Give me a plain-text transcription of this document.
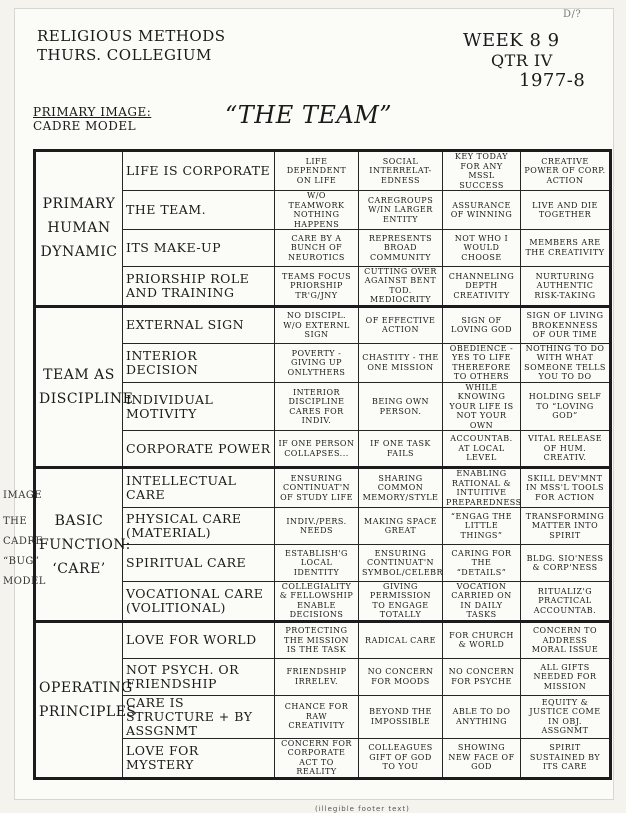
D/?
RELIGIOUS METHODS
THURS. COLLEGIUM
WEEK 8 9
QTR IV
1977-8
PRIMARY IMAGE:
CADRE MODEL	“THE TEAM”
IMAGE
THE
CADRE
“BUG”
MODEL
PRIMARY HUMAN DYNAMIC	LIFE IS CORPORATE	LIFE DEPENDENT ON LIFE	SOCIAL INTERRELAT-EDNESS	KEY TODAY FOR ANY MSSL SUCCESS	CREATIVE POWER OF CORP. ACTION
	THE TEAM.	W/O TEAMWORK NOTHING HAPPENS	CAREGROUPS W/IN LARGER ENTITY	ASSURANCE OF WINNING	LIVE AND DIE TOGETHER
	ITS MAKE-UP	CARE BY A BUNCH OF NEUROTICS	REPRESENTS BROAD COMMUNITY	NOT WHO I WOULD CHOOSE	MEMBERS ARE THE CREATIVITY
	PRIORSHIP ROLE AND TRAINING	TEAMS FOCUS PRIORSHIP TR'G/JNY	CUTTING OVER AGAINST BENT TOD. MEDIOCRITY	CHANNELING DEPTH CREATIVITY	NURTURING AUTHENTIC RISK-TAKING
TEAM AS DISCIPLINE	EXTERNAL SIGN	NO DISCIPL. W/O EXTERNL SIGN	OF EFFECTIVE ACTION	SIGN OF LOVING GOD	SIGN OF LIVING BROKENNESS OF OUR TIME
	INTERIOR DECISION	POVERTY - GIVING UP ONLYTHERS	CHASTITY - THE ONE MISSION	OBEDIENCE - YES TO LIFE THEREFORE TO OTHERS	NOTHING TO DO WITH WHAT SOMEONE TELLS YOU TO DO
	INDIVIDUAL MOTIVITY	INTERIOR DISCIPLINE CARES FOR INDIV.	BEING OWN PERSON.	WHILE KNOWING YOUR LIFE IS NOT YOUR OWN	HOLDING SELF TO “LOVING GOD”
	CORPORATE POWER	IF ONE PERSON COLLAPSES...	IF ONE TASK FAILS	ACCOUNTAB. AT LOCAL LEVEL	VITAL RELEASE OF HUM. CREATIV.
BASIC FUNCTION: ‘CARE’	INTELLECTUAL CARE	ENSURING CONTINUAT'N OF STUDY LIFE	SHARING COMMON MEMORY/STYLE	ENABLING RATIONAL & INTUITIVE PREPAREDNESS	SKILL DEV'MNT IN MSS'L TOOLS FOR ACTION
	PHYSICAL CARE (MATERIAL)	INDIV./PERS. NEEDS	MAKING SPACE GREAT	“ENGAG THE LITTLE THINGS”	TRANSFORMING MATTER INTO SPIRIT
	SPIRITUAL CARE	ESTABLISH'G LOCAL IDENTITY	ENSURING CONTINUAT'N SYMBOL/CELEBR	CARING FOR THE “DETAILS”	BLDG. SIO'NESS & CORP'NESS
	VOCATIONAL CARE (VOLITIONAL)	COLLEGIALITY & FELLOWSHIP ENABLE DECISIONS	GIVING PERMISSION TO ENGAGE TOTALLY	VOCATION CARRIED ON IN DAILY TASKS	RITUALIZ'G PRACTICAL ACCOUNTAB.
OPERATING PRINCIPLES	LOVE FOR WORLD	PROTECTING THE MISSION IS THE TASK	RADICAL CARE	FOR CHURCH & WORLD	CONCERN TO ADDRESS MORAL ISSUE
	NOT PSYCH. OR FRIENDSHIP	FRIENDSHIP IRRELEV.	NO CONCERN FOR MOODS	NO CONCERN FOR PSYCHE	ALL GIFTS NEEDED FOR MISSION
	CARE IS STRUCTURE + BY ASSGNMT	CHANCE FOR RAW CREATIVITY	BEYOND THE IMPOSSIBLE	ABLE TO DO ANYTHING	EQUITY & JUSTICE COME IN OBJ. ASSGNMT
	LOVE FOR MYSTERY	CONCERN FOR CORPORATE ACT TO REALITY	COLLEAGUES GIFT OF GOD TO YOU	SHOWING NEW FACE OF GOD	SPIRIT SUSTAINED BY ITS CARE
(illegible footer text)
